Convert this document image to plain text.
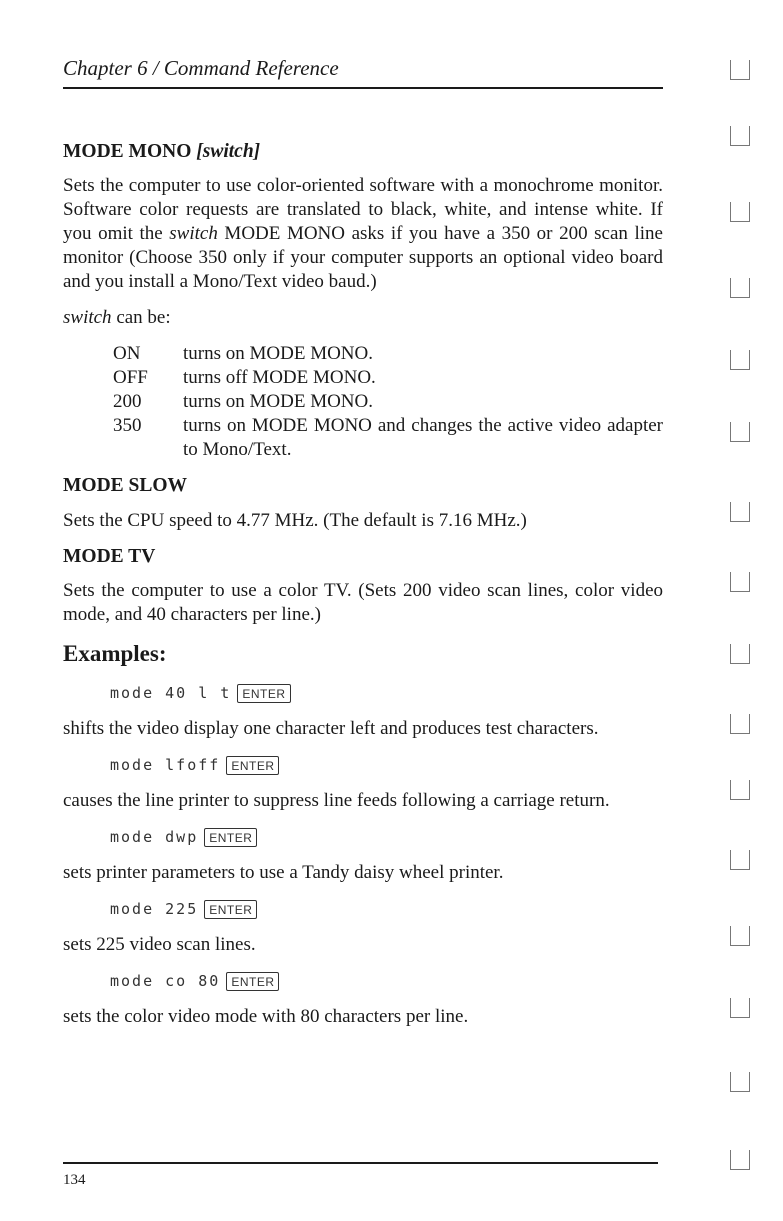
Chapter 6 / Command Reference
MODE MONO [switch]

Sets the computer to use color-oriented software with a monochrome monitor. Software color requests are translated to black, white, and intense white. If you omit the switch MODE MONO asks if you have a 350 or 200 scan line monitor (Choose 350 only if your computer supports an optional video board and you install a Mono/Text video baud.)

switch can be:

ON	turns on MODE MONO.
OFF	turns off MODE MONO.
200	turns on MODE MONO.
350	turns on MODE MONO and changes the active video adapter to Mono/Text.
MODE SLOW

Sets the CPU speed to 4.77 MHz. (The default is 7.16 MHz.)

MODE TV

Sets the computer to use a color TV. (Sets 200 video scan lines, color video mode, and 40 characters per line.)

Examples:
mode 40 l t ENTER

shifts the video display one character left and produces test characters.

mode lfoff ENTER

causes the line printer to suppress line feeds following a carriage return.

mode dwp ENTER

sets printer parameters to use a Tandy daisy wheel printer.

mode 225 ENTER

sets 225 video scan lines.

mode co 80 ENTER

sets the color video mode with 80 characters per line.

134
